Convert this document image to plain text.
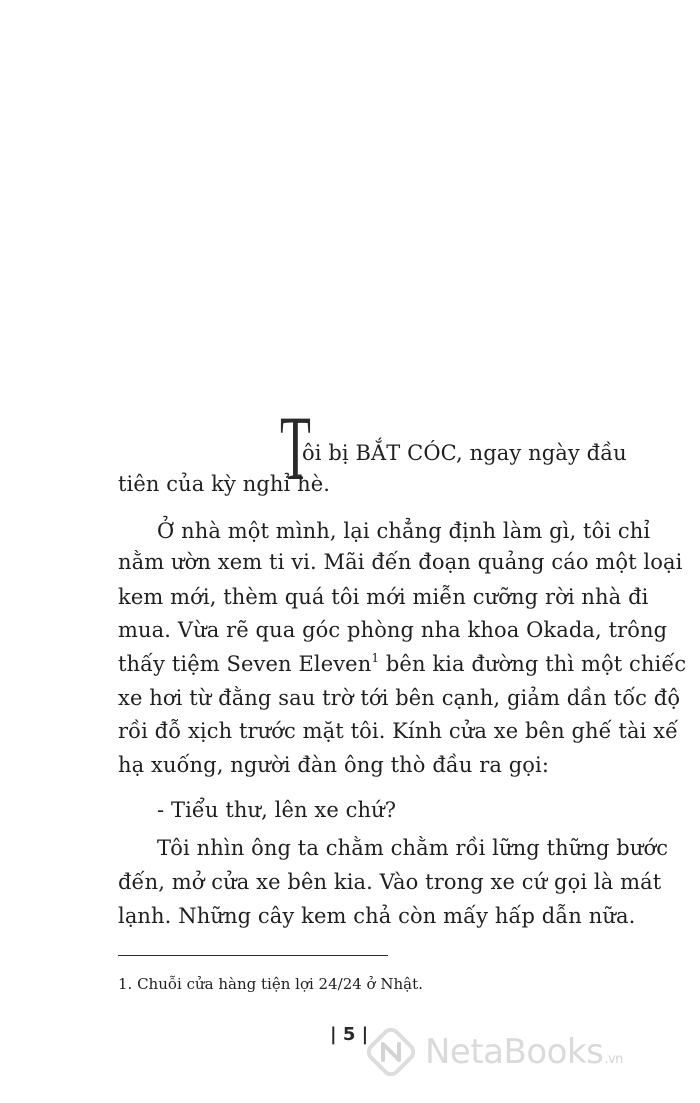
T
ôi bị BẮT CÓC, ngay ngày đầu
tiên của kỳ nghỉ hè.
Ở nhà một mình, lại chẳng định làm gì, tôi chỉ
nằm ườn xem ti vi. Mãi đến đoạn quảng cáo một loại
kem mới, thèm quá tôi mới miễn cưỡng rời nhà đi
mua. Vừa rẽ qua góc phòng nha khoa Okada, trông
thấy tiệm Seven Eleven$^1$ bên kia đường thì một chiếc
xe hơi từ đằng sau trờ tới bên cạnh, giảm dần tốc độ
rồi đỗ xịch trước mặt tôi. Kính cửa xe bên ghế tài xế
hạ xuống, người đàn ông thò đầu ra gọi:
- Tiểu thư, lên xe chứ?
Tôi nhìn ông ta chằm chằm rồi lững thững bước
đến, mở cửa xe bên kia. Vào trong xe cứ gọi là mát
lạnh. Những cây kem chả còn mấy hấp dẫn nữa.
1. Chuỗi cửa hàng tiện lợi 24/24 ở Nhật.
| 5 | NetaBooks.vn
